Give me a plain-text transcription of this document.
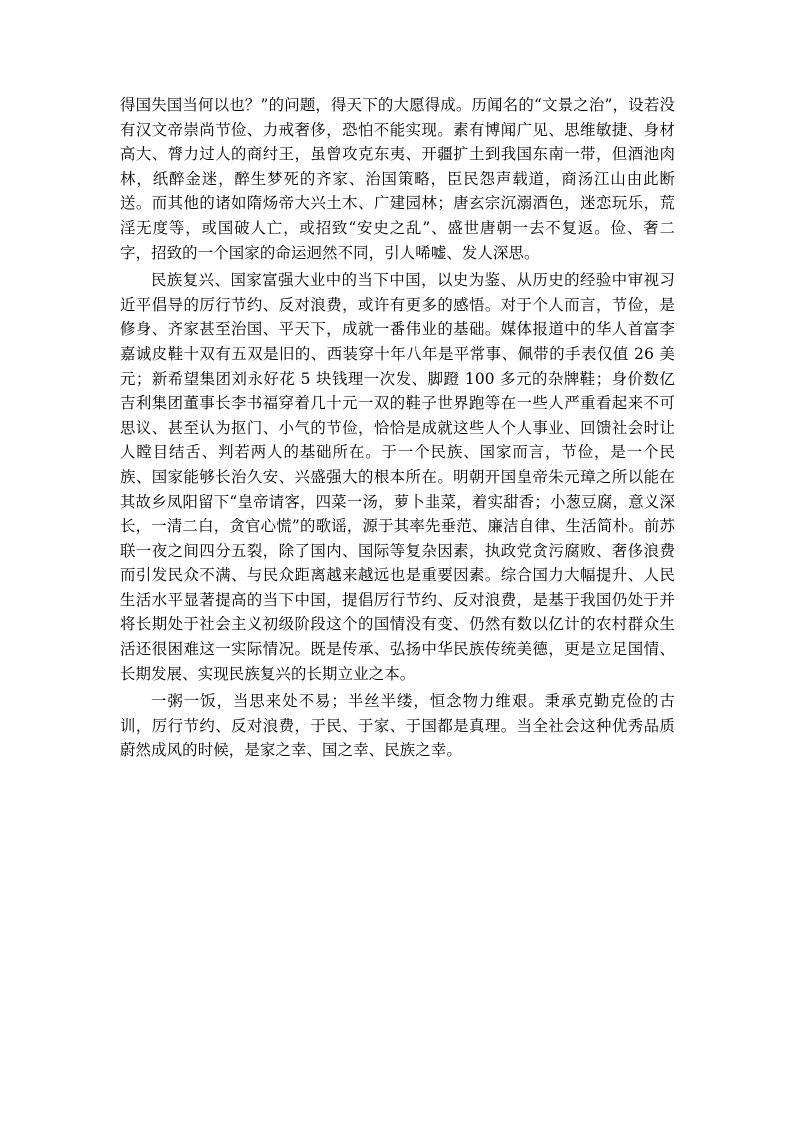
得国失国当何以也？”的问题，得天下的大愿得成。历闻名的“文景之治”，设若没有汉文帝崇尚节俭、力戒奢侈，恐怕不能实现。素有博闻广见、思维敏捷、身材高大、膂力过人的商纣王，虽曾攻克东夷、开疆扩土到我国东南一带，但酒池肉林，纸醉金迷，醉生梦死的齐家、治国策略，臣民怨声载道，商汤江山由此断送。而其他的诸如隋炀帝大兴土木、广建园林；唐玄宗沉溺酒色，迷恋玩乐，荒淫无度等，或国破人亡，或招致“安史之乱”、盛世唐朝一去不复返。俭、奢二字，招致的一个国家的命运迥然不同，引人唏嘘、发人深思。

民族复兴、国家富强大业中的当下中国，以史为鉴、从历史的经验中审视习近平倡导的厉行节约、反对浪费，或许有更多的感悟。对于个人而言，节俭，是修身、齐家甚至治国、平天下，成就一番伟业的基础。媒体报道中的华人首富李嘉诚皮鞋十双有五双是旧的、西装穿十年八年是平常事、佩带的手表仅值 26 美元；新希望集团刘永好花 5 块钱理一次发、脚蹬 100 多元的杂牌鞋；身价数亿吉利集团董事长李书福穿着几十元一双的鞋子世界跑等在一些人严重看起来不可思议、甚至认为抠门、小气的节俭，恰恰是成就这些人个人事业、回馈社会时让人瞠目结舌、判若两人的基础所在。于一个民族、国家而言，节俭，是一个民族、国家能够长治久安、兴盛强大的根本所在。明朝开国皇帝朱元璋之所以能在其故乡凤阳留下“皇帝请客，四菜一汤，萝卜韭菜，着实甜香；小葱豆腐，意义深长，一清二白，贪官心慌”的歌谣，源于其率先垂范、廉洁自律、生活简朴。前苏联一夜之间四分五裂，除了国内、国际等复杂因素，执政党贪污腐败、奢侈浪费而引发民众不满、与民众距离越来越远也是重要因素。综合国力大幅提升、人民生活水平显著提高的当下中国，提倡厉行节约、反对浪费，是基于我国仍处于并将长期处于社会主义初级阶段这个的国情没有变、仍然有数以亿计的农村群众生活还很困难这一实际情况。既是传承、弘扬中华民族传统美德，更是立足国情、长期发展、实现民族复兴的长期立业之本。

一粥一饭，当思来处不易；半丝半缕，恒念物力维艰。秉承克勤克俭的古训，厉行节约、反对浪费，于民、于家、于国都是真理。当全社会这种优秀品质蔚然成风的时候，是家之幸、国之幸、民族之幸。
